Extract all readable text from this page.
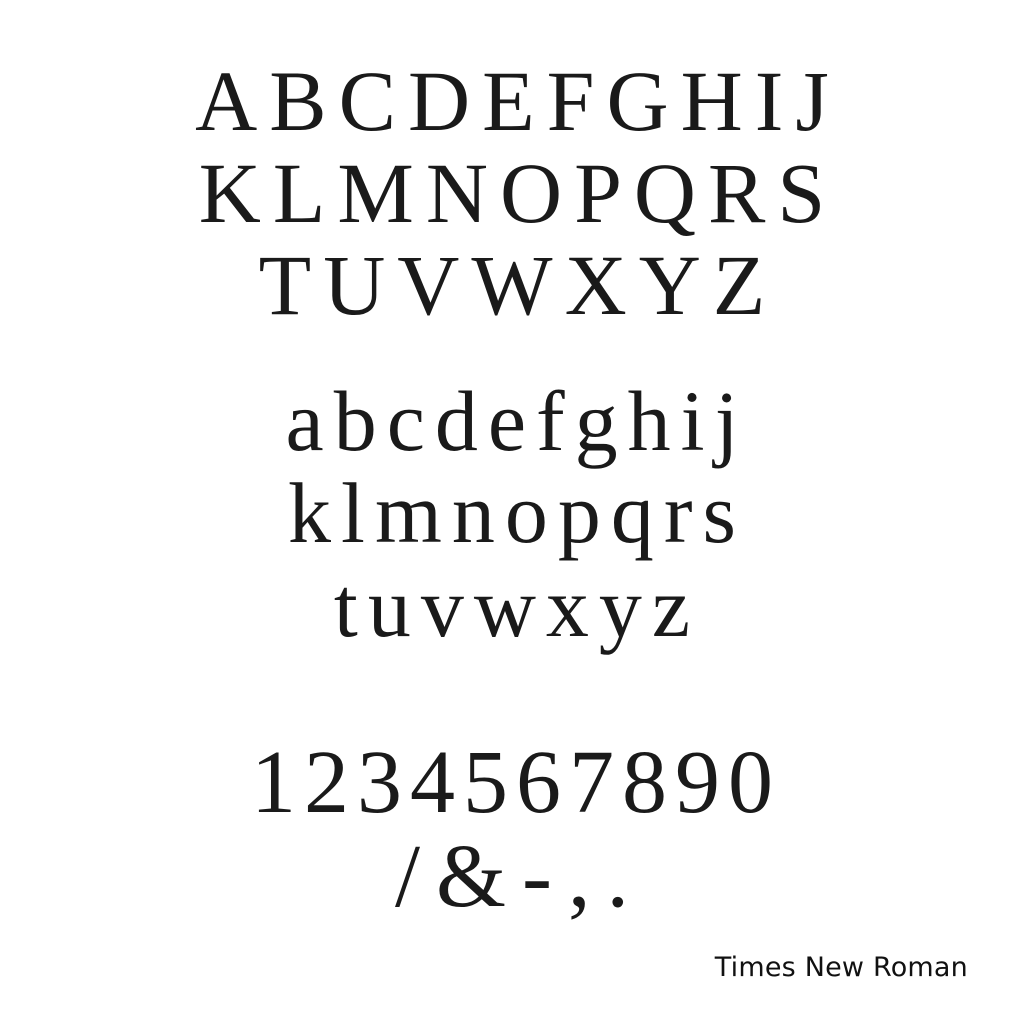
A B C D E F G H I J
K L M N O P Q R S
T U V W X Y Z
a b c d e f g h i j
k l m n o p q r s
t u v w x y z
1 2 3 4 5 6 7 8 9 0
/ & - , .
Times New Roman
